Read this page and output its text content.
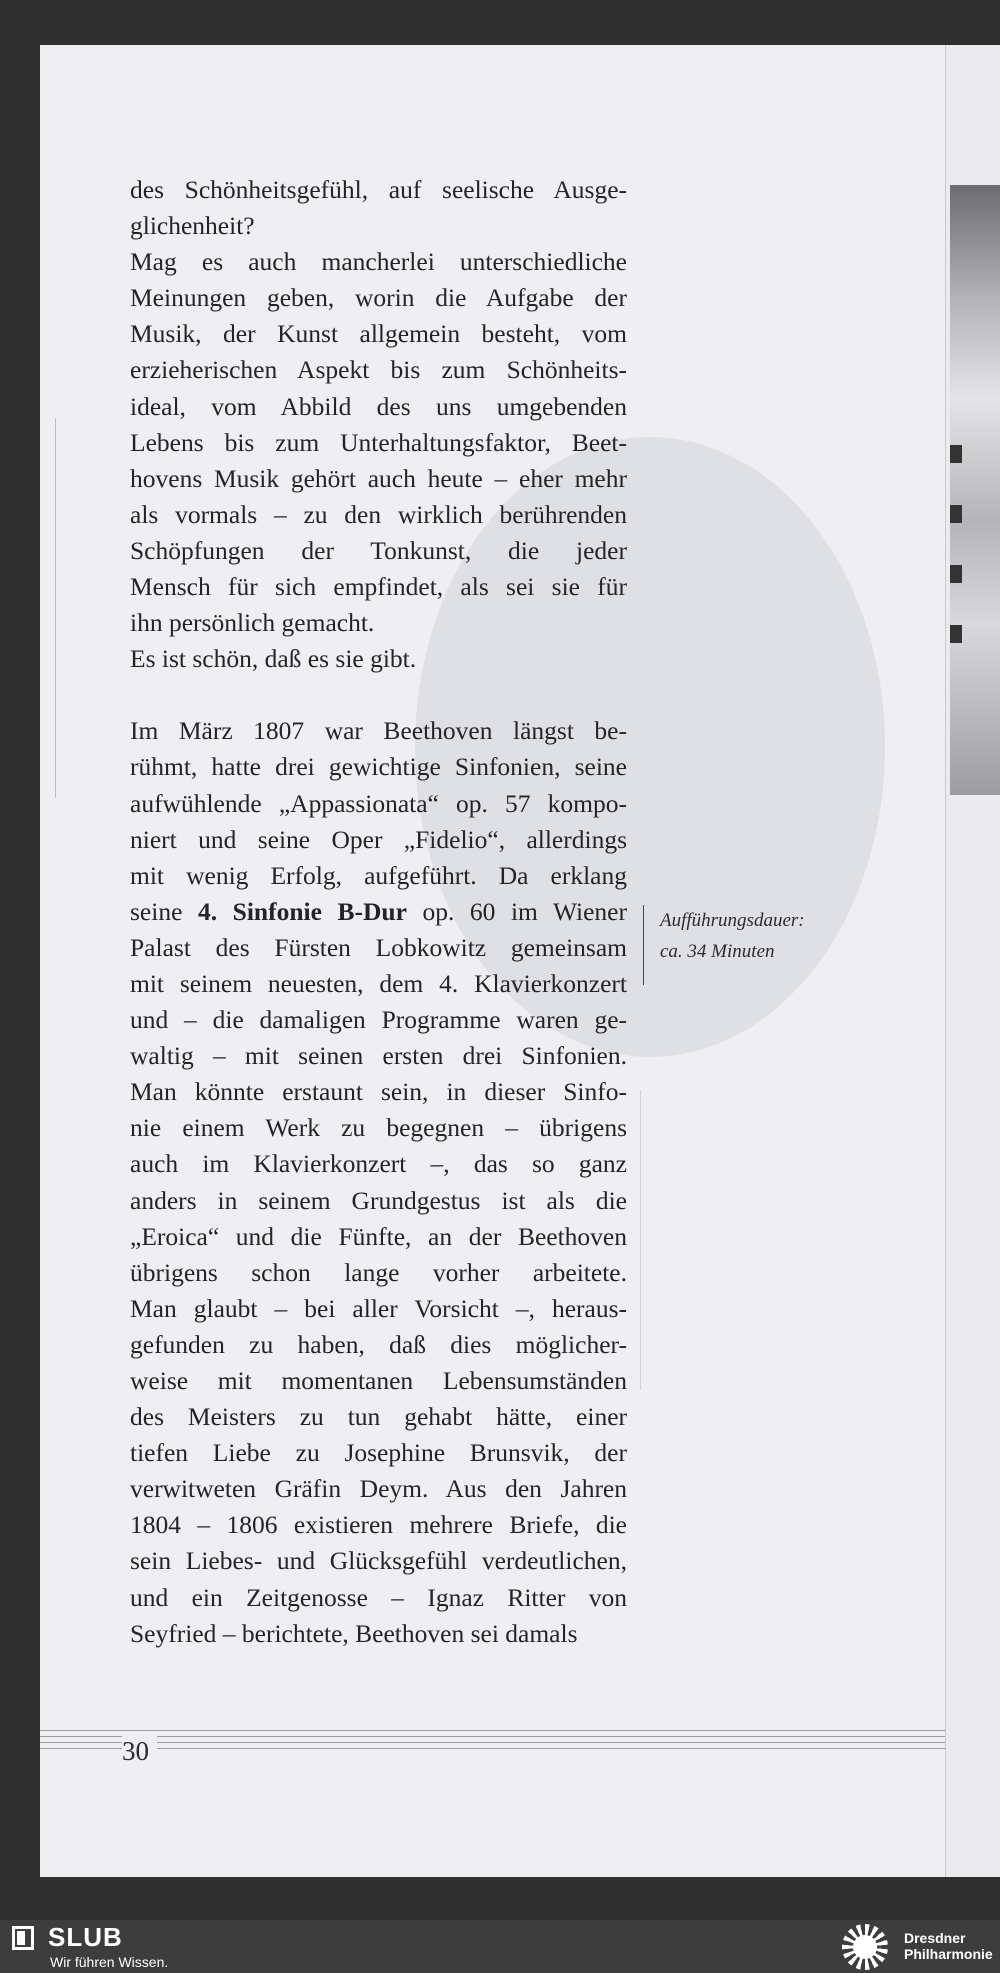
des Schönheitsgefühl, auf seelische Ausge-

glichenheit?

Mag es auch mancherlei unterschiedliche

Meinungen geben, worin die Aufgabe der

Musik, der Kunst allgemein besteht, vom

erzieherischen Aspekt bis zum Schönheits-

ideal, vom Abbild des uns umgebenden

Lebens bis zum Unterhaltungsfaktor, Beet-

hovens Musik gehört auch heute – eher mehr

als vormals – zu den wirklich berührenden

Schöpfungen der Tonkunst, die jeder

Mensch für sich empfindet, als sei sie für

ihn persönlich gemacht.

Es ist schön, daß es sie gibt.

Im März 1807 war Beethoven längst be-

rühmt, hatte drei gewichtige Sinfonien, seine

aufwühlende „Appassionata“ op. 57 kompo-

niert und seine Oper „Fidelio“, allerdings

mit wenig Erfolg, aufgeführt. Da erklang

seine 4. Sinfonie B-Dur op. 60 im Wiener

Palast des Fürsten Lobkowitz gemeinsam

mit seinem neuesten, dem 4. Klavierkonzert

und – die damaligen Programme waren ge-

waltig – mit seinen ersten drei Sinfonien.

Man könnte erstaunt sein, in dieser Sinfo-

nie einem Werk zu begegnen – übrigens

auch im Klavierkonzert –, das so ganz

anders in seinem Grundgestus ist als die

„Eroica“ und die Fünfte, an der Beethoven

übrigens schon lange vorher arbeitete.

Man glaubt – bei aller Vorsicht –, heraus-

gefunden zu haben, daß dies möglicher-

weise mit momentanen Lebensumständen

des Meisters zu tun gehabt hätte, einer

tiefen Liebe zu Josephine Brunsvik, der

verwitweten Gräfin Deym. Aus den Jahren

1804 – 1806 existieren mehrere Briefe, die

sein Liebes- und Glücksgefühl verdeutlichen,

und ein Zeitgenosse – Ignaz Ritter von

Seyfried – berichtete, Beethoven sei damals

Aufführungsdauer:
ca. 34 Minuten
30
SLUB
Wir führen Wissen.
Dresdner
Philharmonie
